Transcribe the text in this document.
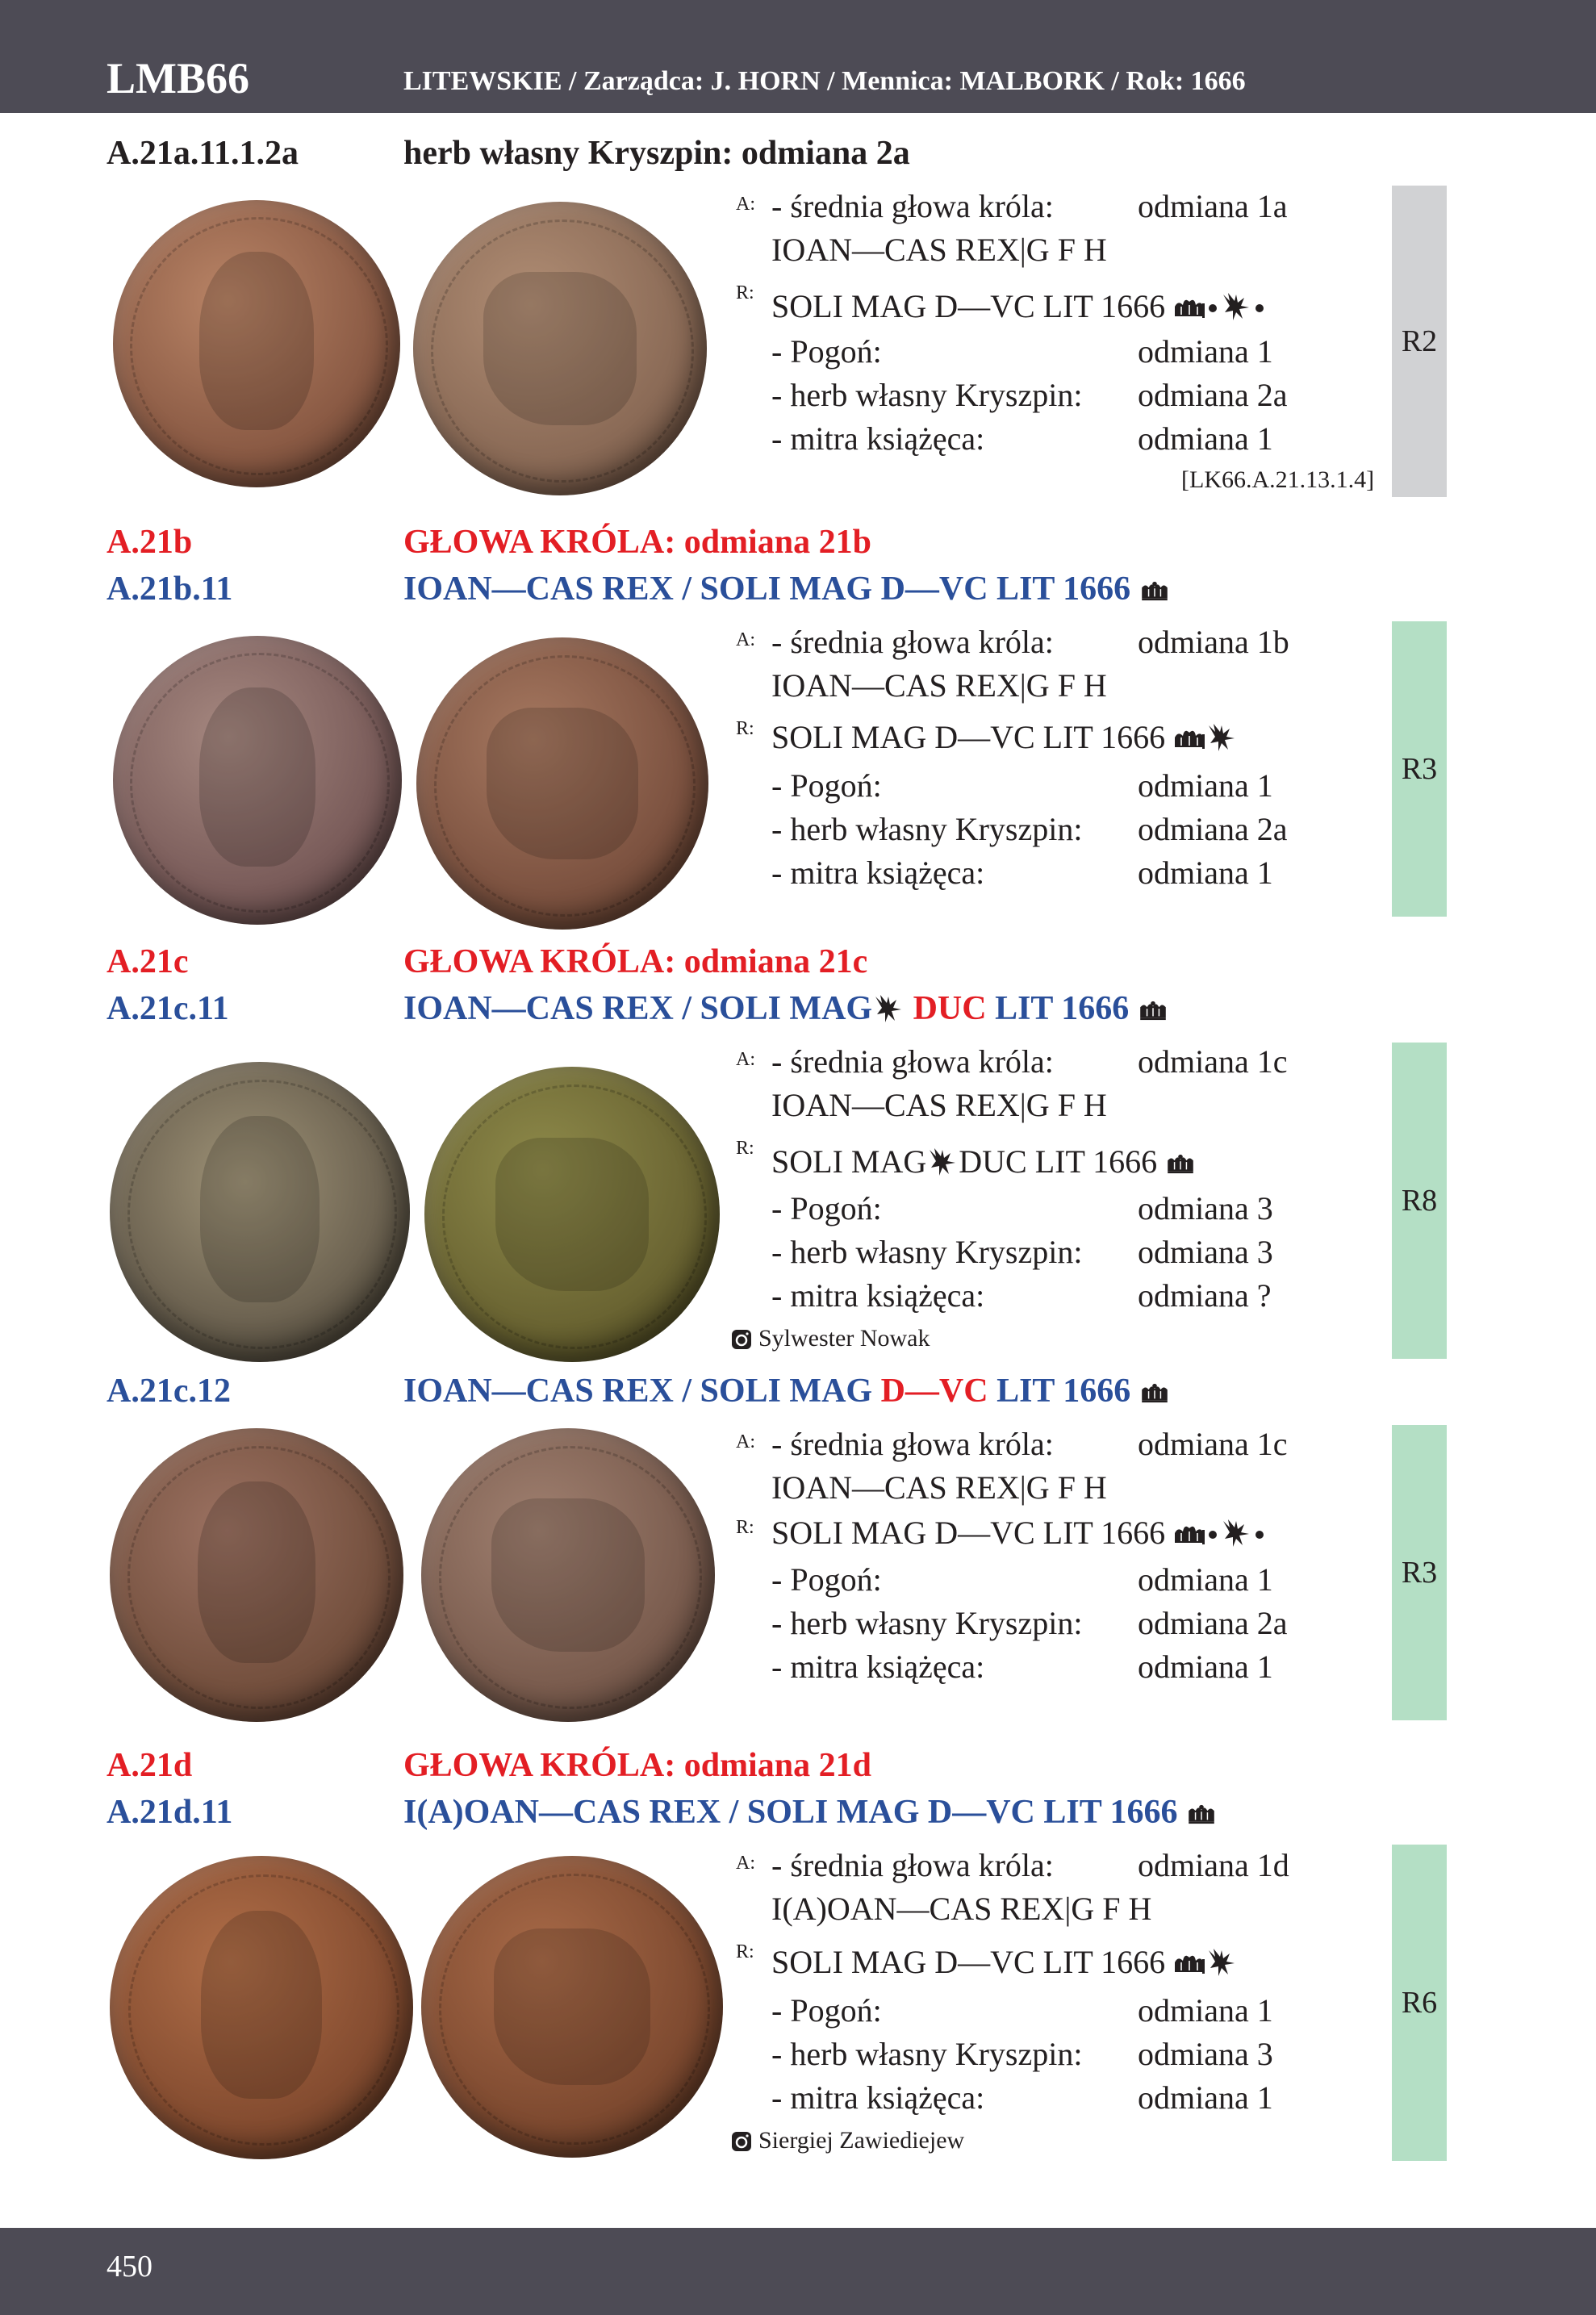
LMB66	LITEWSKIE / Zarządca: J. HORN / Mennica: MALBORK / Rok: 1666
A.21a.11.1.2a	herb własny Kryszpin: odmiana 2a
A: - średnia głowa króla:	odmiana 1a
IOAN—CAS REX|G F H
R: SOLI MAG D—VC LIT 1666
- Pogoń:	odmiana 1
- herb własny Kryszpin: odmiana 2a
- mitra książęca:	odmiana 1
[LK66.A.21.13.1.4]
R2
A.21b	GŁOWA KRÓLA: odmiana 21b
A.21b.11	IOAN—CAS REX / SOLI MAG D—VC LIT 1666
A: - średnia głowa króla:	odmiana 1b
IOAN—CAS REX|G F H
R: SOLI MAG D—VC LIT 1666
- Pogoń:	odmiana 1
- herb własny Kryszpin: odmiana 2a
- mitra książęca:	odmiana 1
R3
A.21c	GŁOWA KRÓLA: odmiana 21c
A.21c.11	IOAN—CAS REX / SOLI MAG DUC LIT 1666
A: - średnia głowa króla:	odmiana 1c
IOAN—CAS REX|G F H
R: SOLI MAG DUC LIT 1666
- Pogoń:	odmiana 3
- herb własny Kryszpin: odmiana 3
- mitra książęca:	odmiana ?
Sylwester Nowak
R8
A.21c.12	IOAN—CAS REX / SOLI MAG D—VC LIT 1666
A: - średnia głowa króla:	odmiana 1c
IOAN—CAS REX|G F H
R: SOLI MAG D—VC LIT 1666
- Pogoń:	odmiana 1
- herb własny Kryszpin: odmiana 2a
- mitra książęca:	odmiana 1
R3
A.21d	GŁOWA KRÓLA: odmiana 21d
A.21d.11	I(A)OAN—CAS REX / SOLI MAG D—VC LIT 1666
A: - średnia głowa króla:	odmiana 1d
I(A)OAN—CAS REX|G F H
R: SOLI MAG D—VC LIT 1666
- Pogoń:	odmiana 1
- herb własny Kryszpin: odmiana 3
- mitra książęca:	odmiana 1
Siergiej Zawiediejew
R6
450
